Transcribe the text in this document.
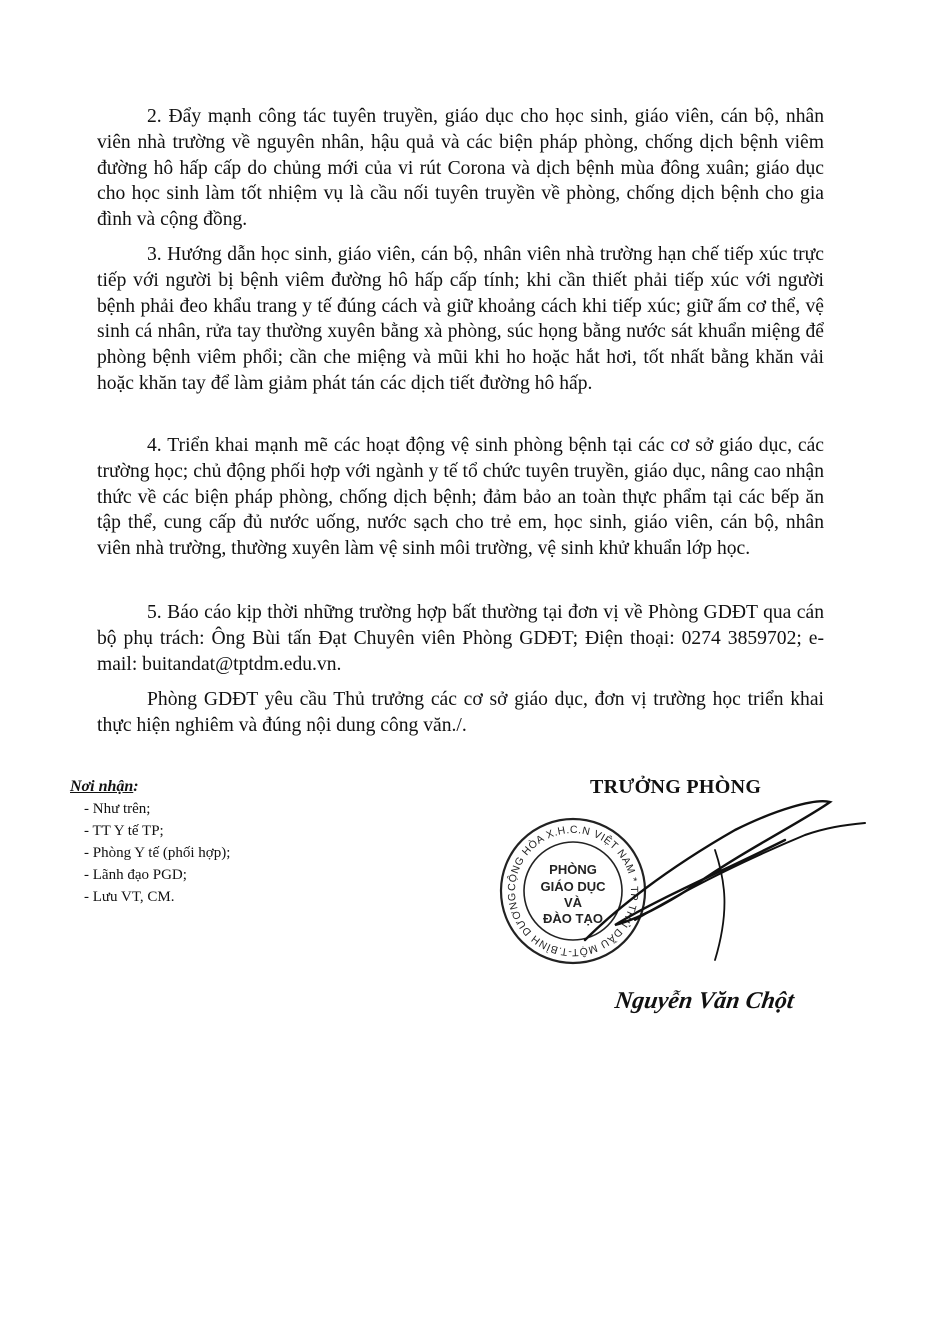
2. Đẩy mạnh công tác tuyên truyền, giáo dục cho học sinh, giáo viên, cán bộ, nhân viên nhà trường về nguyên nhân, hậu quả và các biện pháp phòng, chống dịch bệnh viêm đường hô hấp cấp do chủng mới của vi rút Corona và dịch bệnh mùa đông xuân; giáo dục cho học sinh làm tốt nhiệm vụ là cầu nối tuyên truyền về phòng, chống dịch bệnh cho gia đình và cộng đồng.

3. Hướng dẫn học sinh, giáo viên, cán bộ, nhân viên nhà trường hạn chế tiếp xúc trực tiếp với người bị bệnh viêm đường hô hấp cấp tính; khi cần thiết phải tiếp xúc với người bệnh phải đeo khẩu trang y tế đúng cách và giữ khoảng cách khi tiếp xúc; giữ ấm cơ thể, vệ sinh cá nhân, rửa tay thường xuyên bằng xà phòng, súc họng bằng nước sát khuẩn miệng để phòng bệnh viêm phổi; cần che miệng và mũi khi ho hoặc hắt hơi, tốt nhất bằng khăn vải hoặc khăn tay để làm giảm phát tán các dịch tiết đường hô hấp.

4. Triển khai mạnh mẽ các hoạt động vệ sinh phòng bệnh tại các cơ sở giáo dục, các trường học; chủ động phối hợp với ngành y tế tổ chức tuyên truyền, giáo dục, nâng cao nhận thức về các biện pháp phòng, chống dịch bệnh; đảm bảo an toàn thực phẩm tại các bếp ăn tập thể, cung cấp đủ nước uống, nước sạch cho trẻ em, học sinh, giáo viên, cán bộ, nhân viên nhà trường, thường xuyên làm vệ sinh môi trường, vệ sinh khử khuẩn lớp học.

5. Báo cáo kịp thời những trường hợp bất thường tại đơn vị về Phòng GDĐT qua cán bộ phụ trách: Ông Bùi tấn Đạt Chuyên viên Phòng GDĐT; Điện thoại: 0274 3859702; e-mail: buitandat@tptdm.edu.vn.

Phòng GDĐT yêu cầu Thủ trưởng các cơ sở giáo dục, đơn vị trường học triển khai thực hiện nghiêm và đúng nội dung công văn./.

Nơi nhận:
- Như trên;
- TT Y tế TP;
- Phòng Y tế (phối hợp);
- Lãnh đạo PGD;
- Lưu VT, CM.
TRƯỞNG PHÒNG
CỘNG HÒA X.H.C.N VIỆT NAM * TP THỦ DẦU MỘT-T.BÌNH DƯƠNG
PHÒNG
GIÁO DỤC
VÀ
ĐÀO TẠO
Nguyễn Văn Chột
